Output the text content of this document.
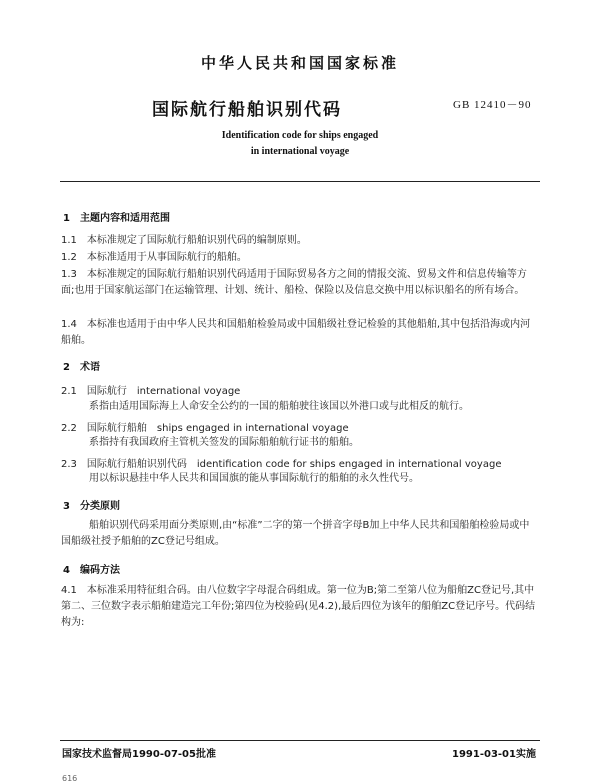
中华人民共和国国家标准
国际航行船舶识别代码	GB 12410－90
Identification code for ships engaged
in international voyage
1　主题内容和适用范围
1.1　本标准规定了国际航行船舶识别代码的编制原则。
1.2　本标准适用于从事国际航行的船舶。
1.3　本标准规定的国际航行船舶识别代码适用于国际贸易各方之间的情报交流、贸易文件和信息传输等方面;也用于国家航运部门在运输管理、计划、统计、船检、保险以及信息交换中用以标识船名的所有场合。
1.4　本标准也适用于由中华人民共和国船舶检验局或中国船级社登记检验的其他船舶,其中包括沿海或内河船舶。
2　术语
2.1 国际航行 international voyage
系指由适用国际海上人命安全公约的一国的船舶驶往该国以外港口或与此相反的航行。
2.2 国际航行船舶 ships engaged in international voyage
系指持有我国政府主管机关签发的国际船舶航行证书的船舶。
2.3 国际航行船舶识别代码 identification code for ships engaged in international voyage
用以标识悬挂中华人民共和国国旗的能从事国际航行的船舶的永久性代号。
3　分类原则
船舶识别代码采用面分类原则,由“标准”二字的第一个拼音字母B加上中华人民共和国船舶检验局或中国船级社授予船舶的ZC登记号组成。
4　编码方法
4.1　本标准采用特征组合码。由八位数字字母混合码组成。第一位为B;第二至第八位为船舶ZC登记号,其中第二、三位数字表示船舶建造完工年份;第四位为校验码(见4.2),最后四位为该年的船舶ZC登记序号。代码结构为:
国家技术监督局1990-07-05批准	1991-03-01实施
616
